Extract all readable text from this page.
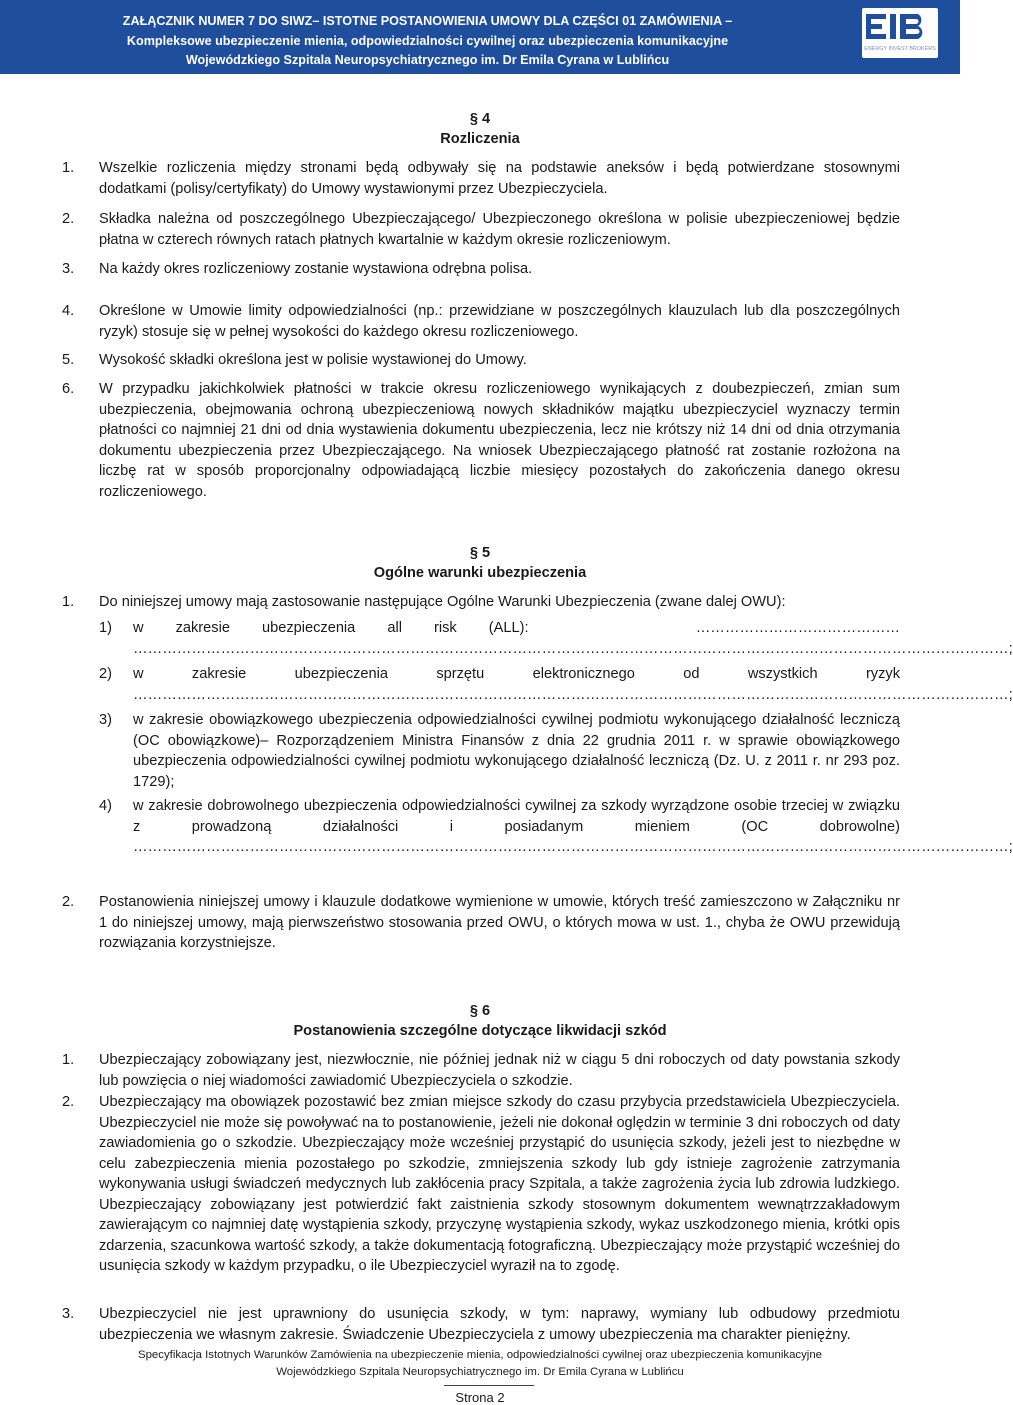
ZAŁĄCZNIK NUMER 7 DO SIWZ– ISTOTNE POSTANOWIENIA UMOWY DLA CZĘŚCI 01 ZAMÓWIENIA –
Kompleksowe ubezpieczenie mienia, odpowiedzialności cywilnej oraz ubezpieczenia komunikacyjne
Wojewódzkiego Szpitala Neuropsychiatrycznego im. Dr Emila Cyrana w Lublińcu
ENERGY INVEST BROKERS
§ 4
Rozliczenia
1. Wszelkie rozliczenia między stronami będą odbywały się na podstawie aneksów i będą potwierdzane stosownymi dodatkami (polisy/certyfikaty) do Umowy wystawionymi przez Ubezpieczyciela.
2. Składka należna od poszczególnego Ubezpieczającego/ Ubezpieczonego określona w polisie ubezpieczeniowej będzie płatna w czterech równych ratach płatnych kwartalnie w każdym okresie rozliczeniowym.
3. Na każdy okres rozliczeniowy zostanie wystawiona odrębna polisa.
4. Określone w Umowie limity odpowiedzialności (np.: przewidziane w poszczególnych klauzulach lub dla poszczególnych ryzyk) stosuje się w pełnej wysokości do każdego okresu rozliczeniowego.
5. Wysokość składki określona jest w polisie wystawionej do Umowy.
6. W przypadku jakichkolwiek płatności w trakcie okresu rozliczeniowego wynikających z doubezpieczeń, zmian sum ubezpieczenia, obejmowania ochroną ubezpieczeniową nowych składników majątku ubezpieczyciel wyznaczy termin płatności co najmniej 21 dni od dnia wystawienia dokumentu ubezpieczenia, lecz nie krótszy niż 14 dni od dnia otrzymania dokumentu ubezpieczenia przez Ubezpieczającego. Na wniosek Ubezpieczającego płatność rat zostanie rozłożona na liczbę rat w sposób proporcjonalny odpowiadającą liczbie miesięcy pozostałych do zakończenia danego okresu rozliczeniowego.
§ 5
Ogólne warunki ubezpieczenia
1. Do niniejszej umowy mają zastosowanie następujące Ogólne Warunki Ubezpieczenia (zwane dalej OWU):
1) w zakresie ubezpieczenia all risk (ALL):	……………………………………
………………………………………………………………………………………………………………………………………………………………;
2) w zakresie ubezpieczenia sprzętu elektronicznego od wszystkich ryzyk
………………………………………………………………………………………………………………………………………………………………;
3) w zakresie obowiązkowego ubezpieczenia odpowiedzialności cywilnej podmiotu wykonującego działalność leczniczą (OC obowiązkowe)– Rozporządzeniem Ministra Finansów z dnia 22 grudnia 2011 r. w sprawie obowiązkowego ubezpieczenia odpowiedzialności cywilnej podmiotu wykonującego działalność leczniczą (Dz. U. z 2011 r. nr 293 poz. 1729);
4) w zakresie dobrowolnego ubezpieczenia odpowiedzialności cywilnej za szkody wyrządzone osobie trzeciej w związku z prowadzoną działalności i posiadanym mieniem (OC dobrowolne)
………………………………………………………………………………………………………………………………………………………………;
2. Postanowienia niniejszej umowy i klauzule dodatkowe wymienione w umowie, których treść zamieszczono w Załączniku nr 1 do niniejszej umowy, mają pierwszeństwo stosowania przed OWU, o których mowa w ust. 1., chyba że OWU przewidują rozwiązania korzystniejsze.
§ 6
Postanowienia szczególne dotyczące likwidacji szkód
1. Ubezpieczający zobowiązany jest, niezwłocznie, nie później jednak niż w ciągu 5 dni roboczych od daty powstania szkody lub powzięcia o niej wiadomości zawiadomić Ubezpieczyciela o szkodzie.
2. Ubezpieczający ma obowiązek pozostawić bez zmian miejsce szkody do czasu przybycia przedstawiciela Ubezpieczyciela. Ubezpieczyciel nie może się powoływać na to postanowienie, jeżeli nie dokonał oględzin w terminie 3 dni roboczych od daty zawiadomienia go o szkodzie. Ubezpieczający może wcześniej przystąpić do usunięcia szkody, jeżeli jest to niezbędne w celu zabezpieczenia mienia pozostałego po szkodzie, zmniejszenia szkody lub gdy istnieje zagrożenie zatrzymania wykonywania usługi świadczeń medycznych lub zakłócenia pracy Szpitala, a także zagrożenia życia lub zdrowia ludzkiego. Ubezpieczający zobowiązany jest potwierdzić fakt zaistnienia szkody stosownym dokumentem wewnątrzzakładowym zawierającym co najmniej datę wystąpienia szkody, przyczynę wystąpienia szkody, wykaz uszkodzonego mienia, krótki opis zdarzenia, szacunkowa wartość szkody, a także dokumentacją fotograficzną. Ubezpieczający może przystąpić wcześniej do usunięcia szkody w każdym przypadku, o ile Ubezpieczyciel wyraził na to zgodę.
3. Ubezpieczyciel nie jest uprawniony do usunięcia szkody, w tym: naprawy, wymiany lub odbudowy przedmiotu ubezpieczenia we własnym zakresie. Świadczenie Ubezpieczyciela z umowy ubezpieczenia ma charakter pieniężny.
Specyfikacja Istotnych Warunków Zamówienia na ubezpieczenie mienia, odpowiedzialności cywilnej oraz ubezpieczenia komunikacyjne
Wojewódzkiego Szpitala Neuropsychiatrycznego im. Dr Emila Cyrana w Lublińcu
Strona 2
